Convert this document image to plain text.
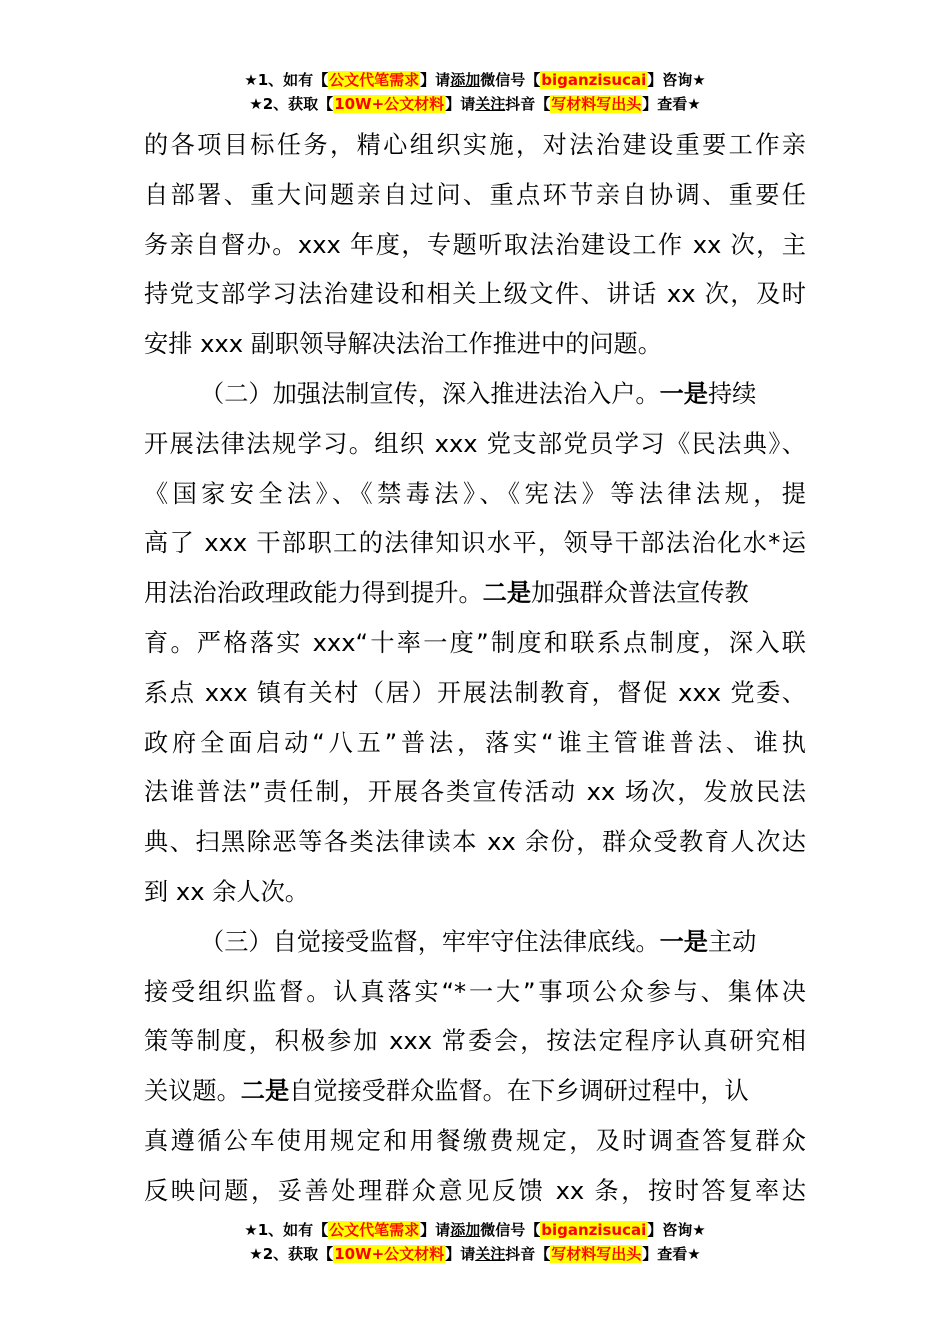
★1、如有【公文代笔需求】请添加微信号【biganzisucai】咨询★
★2、获取【10W+公文材料】请关注抖音【写材料写出头】查看★
的各项目标任务，精心组织实施，对法治建设重要工作亲
自部署、重大问题亲自过问、重点环节亲自协调、重要任
务亲自督办。xxx 年度，专题听取法治建设工作 xx 次，主
持党支部学习法治建设和相关上级文件、讲话 xx 次，及时
安排 xxx 副职领导解决法治工作推进中的问题。
（二）加强法制宣传，深入推进法治入户。一是持续
开展法律法规学习。组织 xxx 党支部党员学习《民法典》、
《国家安全法》、《禁毒法》、《宪法》等法律法规，提
高了 xxx 干部职工的法律知识水平，领导干部法治化水*运
用法治治政理政能力得到提升。二是加强群众普法宣传教
育。严格落实 xxx“十率一度”制度和联系点制度，深入联
系点 xxx 镇有关村（居）开展法制教育，督促 xxx 党委、
政府全面启动“八五”普法，落实“谁主管谁普法、谁执
法谁普法”责任制，开展各类宣传活动 xx 场次，发放民法
典、扫黑除恶等各类法律读本 xx 余份，群众受教育人次达
到 xx 余人次。
（三）自觉接受监督，牢牢守住法律底线。一是主动
接受组织监督。认真落实“*一大”事项公众参与、集体决
策等制度，积极参加 xxx 常委会，按法定程序认真研究相
关议题。二是自觉接受群众监督。在下乡调研过程中，认
真遵循公车使用规定和用餐缴费规定，及时调查答复群众
反映问题，妥善处理群众意见反馈 xx 条，按时答复率达
★1、如有【公文代笔需求】请添加微信号【biganzisucai】咨询★
★2、获取【10W+公文材料】请关注抖音【写材料写出头】查看★
